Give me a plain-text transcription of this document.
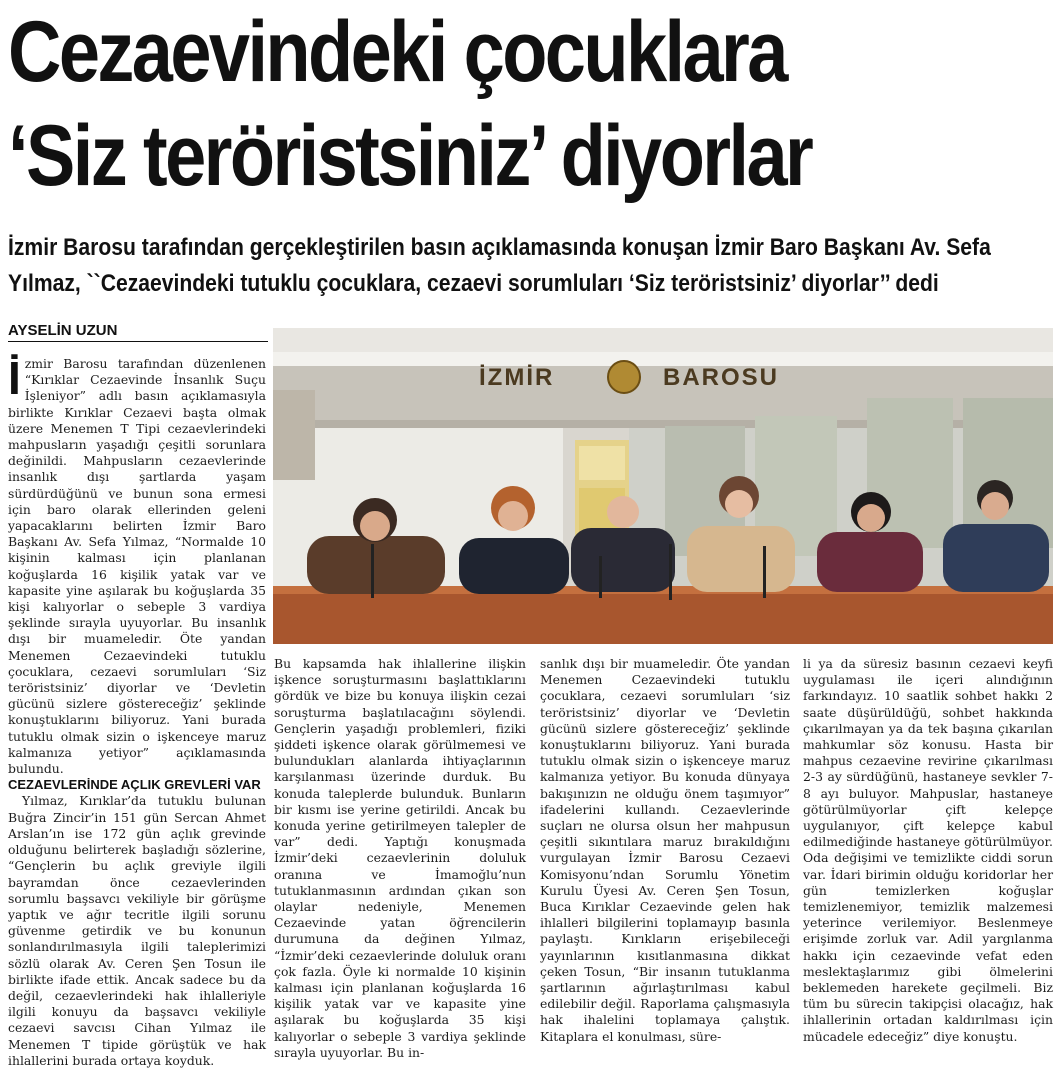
Cezaevindeki çocuklara
‘Siz teröristsiniz’ diyorlar
İzmir Barosu tarafından gerçekleştirilen basın açıklamasında konuşan İzmir Baro Başkanı Av. Sefa Yılmaz, ``Cezaevindeki tutuklu çocuklara, cezaevi sorumluları ‘Siz teröristsiniz’ diyorlar’’ dedi
AYSELİN UZUN

İzmir Barosu tarafından düzenlenen “Kırıklar Cezaevinde İnsanlık Suçu İşleniyor” adlı basın açıklamasıyla birlikte Kırıklar Cezaevi başta olmak üzere Menemen T Tipi cezaevlerindeki mahpusların yaşadığı çeşitli sorunlara değinildi. Mahpusların cezaevlerinde insanlık dışı şartlarda yaşam sürdürdüğünü ve bunun sona ermesi için baro olarak ellerinden geleni yapacaklarını belirten İzmir Baro Başkanı Av. Sefa Yılmaz, “Normalde 10 kişinin kalması için planlanan koğuşlarda 16 kişilik yatak var ve kapasite yine aşılarak bu koğuşlarda 35 kişi kalıyorlar o sebeple 3 vardiya şeklinde sırayla uyuyorlar. Bu insanlık dışı bir muameledir. Öte yandan Menemen Cezaevindeki tutuklu çocuklara, cezaevi sorumluları ‘Siz teröristsiniz’ diyorlar ve ‘Devletin gücünü sizlere göstereceğiz’ şeklinde konuştuklarını biliyoruz. Yani burada tutuklu olmak sizin o işkenceye maruz kalmanıza yetiyor” açıklamasında bulundu.

CEZAEVLERİNDE AÇLIK GREVLERİ VAR

Yılmaz, Kırıklar’da tutuklu bulunan Buğra Zincir’in 151 gün Sercan Ahmet Arslan’ın ise 172 gün açlık grevinde olduğunu belirterek başladığı sözlerine, “Gençlerin bu açlık greviyle ilgili bayramdan önce cezaevlerinden sorumlu başsavcı vekiliyle bir görüşme yaptık ve ağır tecritle ilgili sorunu güvenme getirdik ve bu konunun sonlandırılmasıyla ilgili taleplerimizi sözlü olarak Av. Ceren Şen Tosun ile birlikte ifade ettik. Ancak sadece bu da değil, cezaevlerindeki hak ihlalleriyle ilgili konuyu da başsavcı vekiliyle cezaevi savcısı Cihan Yılmaz ile Menemen T tipide görüştük ve hak ihlallerini burada ortaya koyduk.

İZMİR	BAROSU

Bu kapsamda hak ihlallerine ilişkin işkence soruşturmasını başlattıklarını gördük ve bize bu konuya ilişkin cezai soruşturma başlatılacağını söylendi. Gençlerin yaşadığı problemleri, fiziki şiddeti işkence olarak görülmemesi ve bulundukları alanlarda ihtiyaçlarının karşılanması üzerinde durduk. Bu konuda taleplerde bulunduk. Bunların bir kısmı ise yerine getirildi. Ancak bu konuda yerine getirilmeyen talepler de var” dedi. Yaptığı konuşmada İzmir’deki cezaevlerinin doluluk oranına ve İmamoğlu’nun tutuklanmasının ardından çıkan son olaylar nedeniyle, Menemen Cezaevinde yatan öğrencilerin durumuna da değinen Yılmaz, “İzmir’deki cezaevlerinde doluluk oranı çok fazla. Öyle ki normalde 10 kişinin kalması için planlanan koğuşlarda 16 kişilik yatak var ve kapasite yine aşılarak bu koğuşlarda 35 kişi kalıyorlar o sebeple 3 vardiya şeklinde sırayla uyuyorlar. Bu in-

sanlık dışı bir muameledir. Öte yandan Menemen Cezaevindeki tutuklu çocuklara, cezaevi sorumluları ‘siz teröristsiniz’ diyorlar ve ‘Devletin gücünü sizlere göstereceğiz’ şeklinde konuştuklarını biliyoruz. Yani burada tutuklu olmak sizin o işkenceye maruz kalmanıza yetiyor. Bu konuda dünyaya bakışınızın ne olduğu önem taşımıyor” ifadelerini kullandı. Cezaevlerinde suçları ne olursa olsun her mahpusun çeşitli sıkıntılara maruz bırakıldığını vurgulayan İzmir Barosu Cezaevi Komisyonu’ndan Sorumlu Yönetim Kurulu Üyesi Av. Ceren Şen Tosun, Buca Kırıklar Cezaevinde gelen hak ihlalleri bilgilerini toplamayıp basınla paylaştı. Kırıkların erişebileceği yayınlarının kısıtlanmasına dikkat çeken Tosun, “Bir insanın tutuklanma şartlarının ağırlaştırılması kabul edilebilir değil. Raporlama çalışmasıyla hak ihalelini toplamaya çalıştık. Kitaplara el konulması, süre-

li ya da süresiz basının cezaevi keyfi uygulaması ile içeri alındığının farkındayız. 10 saatlik sohbet hakkı 2 saate düşürüldüğü, sohbet hakkında çıkarılmayan ya da tek başına çıkarılan mahkumlar söz konusu. Hasta bir mahpus cezaevine revirine çıkarılması 2-3 ay sürdüğünü, hastaneye sevkler 7-8 ayı buluyor. Mahpuslar, hastaneye götürülmüyorlar çift kelepçe uygulanıyor, çift kelepçe kabul edilmediğinde hastaneye götürülmüyor. Oda değişimi ve temizlikte ciddi sorun var. İdari birimin olduğu koridorlar her gün temizlerken koğuşlar temizlenemiyor, temizlik malzemesi yeterince verilemiyor. Beslenmeye erişimde zorluk var. Adil yargılanma hakkı için cezaevinde vefat eden meslektaşlarımız gibi ölmelerini beklemeden harekete geçilmeli. Biz tüm bu sürecin takipçisi olacağız, hak ihlallerinin ortadan kaldırılması için mücadele edeceğiz” diye konuştu.
